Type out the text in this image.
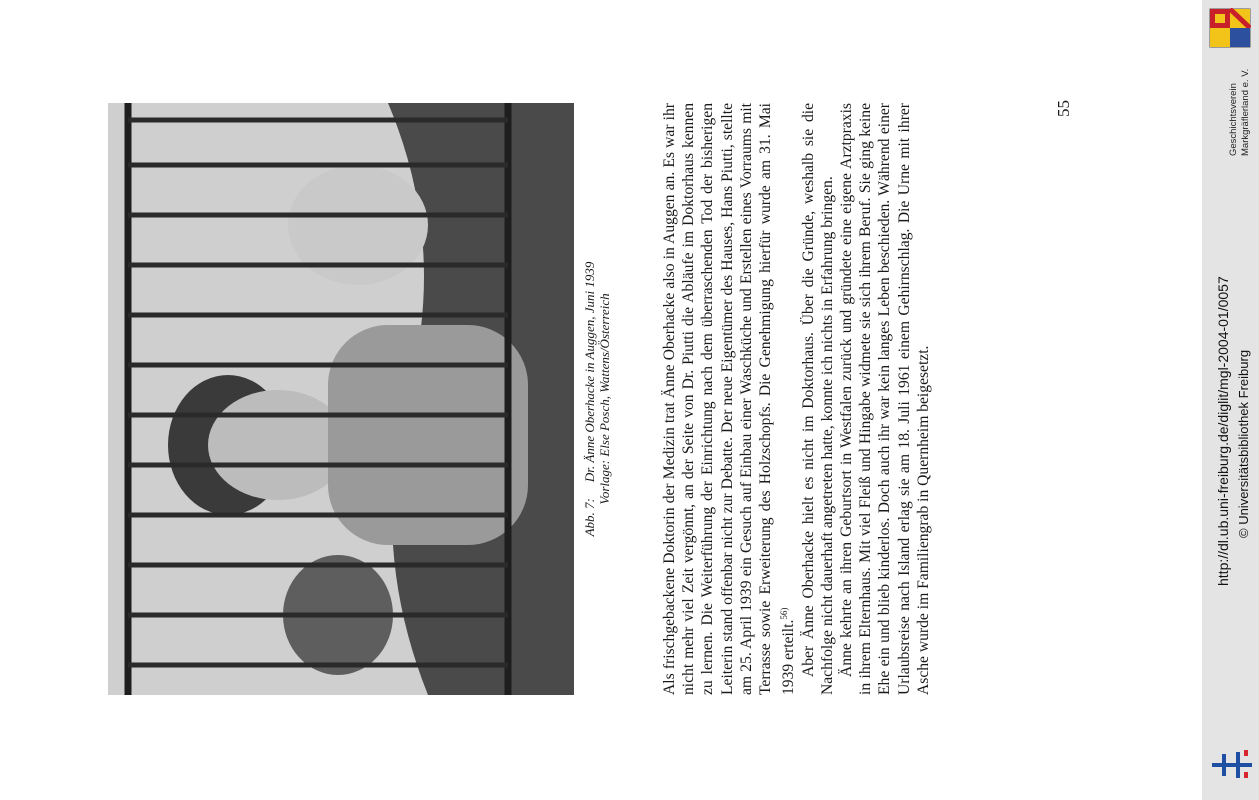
Abb. 7:Dr. Änne Oberhacke in Auggen, Juni 1939 Vorlage: Else Posch, Wattens/Österreich	Als frischgebackene Doktorin der Medizin trat Änne Oberhacke also in Auggen an. Es war ihr nicht mehr viel Zeit vergönnt, an der Seite von Dr. Piutti die Abläufe im Doktorhaus kennen zu lernen. Die Weiterführung der Einrichtung nach dem überraschenden Tod der bisherigen Leiterin stand offenbar nicht zur Debatte. Der neue Eigentümer des Hauses, Hans Piutti, stellte am 25. April 1939 ein Gesuch auf Einbau einer Waschküche und Erstellen eines Vorraums mit Terrasse sowie Erweiterung des Holzschopfs. Die Genehmigung hierfür wurde am 31. Mai 1939 erteilt.$^{56)}$ Aber Änne Oberhacke hielt es nicht im Doktorhaus. Über die Gründe, weshalb sie die Nachfolge nicht dauerhaft angetreten hatte, konnte ich nichts in Erfahrung bringen. Änne kehrte an ihren Geburtsort in Westfalen zurück und gründete eine eigene Arztpraxis in ihrem Elternhaus. Mit viel Fleiß und Hingabe widmete sie sich ihrem Beruf. Sie ging keine Ehe ein und blieb kinderlos. Doch auch ihr war kein langes Leben beschieden. Während einer Urlaubsreise nach Island erlag sie am 18. Juli 1961 einem Gehirnschlag. Die Urne mit ihrer Asche wurde im Familiengrab in Quernheim beigesetzt.

55	Geschichtsverein Markgräflerland e. V.
http://dl.ub.uni-freiburg.de/diglit/mgl-2004-01/0057 © Universitätsbibliothek Freiburg
